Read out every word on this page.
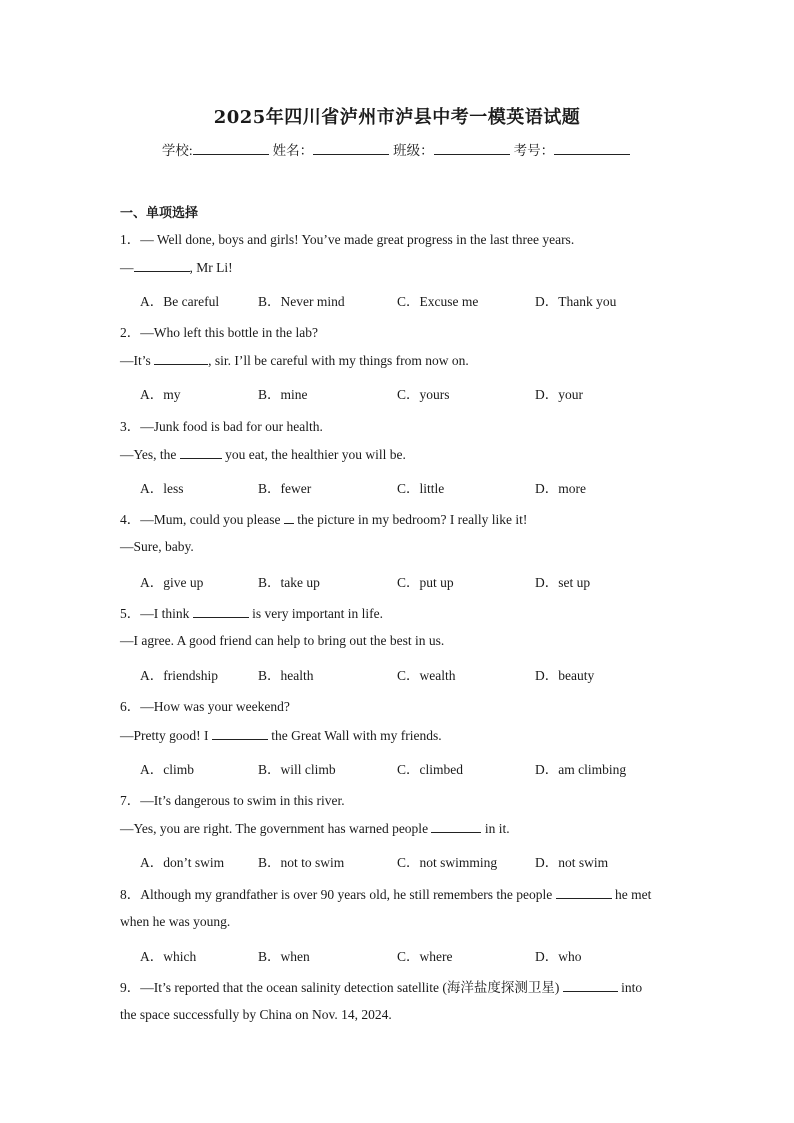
2025年四川省泸州市泸县中考一模英语试题
学校:	姓名：	班级：	考号：
一、单项选择
1．— Well done, boys and girls! You’ve made great progress in the last three years.
—	, Mr Li!
A．Be careful	B．Never mind	C．Excuse me	D．Thank you
2．—Who left this bottle in the lab?
—It’s	, sir. I’ll be careful with my things from now on.
A．my	B．mine	C．yours	D．your
3．—Junk food is bad for our health.
—Yes, the	you eat, the healthier you will be.
A．less	B．fewer	C．little	D．more
4．—Mum, could you please  the picture in my bedroom? I really like it!
—Sure, baby.
A．give up	B．take up	C．put up	D．set up
5．—I think	is very important in life.
—I agree. A good friend can help to bring out the best in us.
A．friendship	B．health	C．wealth	D．beauty
6．—How was your weekend?
—Pretty good! I	the Great Wall with my friends.
A．climb	B．will climb	C．climbed	D．am climbing
7．—It’s dangerous to swim in this river.
—Yes, you are right. The government has warned people	in it.
A．don’t swim	B．not to swim	C．not swimming	D．not swim
8．Although my grandfather is over 90 years old, he still remembers the people	he met
when he was young.
A．which	B．when	C．where	D．who
9．—It’s reported that the ocean salinity detection satellite (海洋盐度探测卫星)	into
the space successfully by China on Nov. 14, 2024.
